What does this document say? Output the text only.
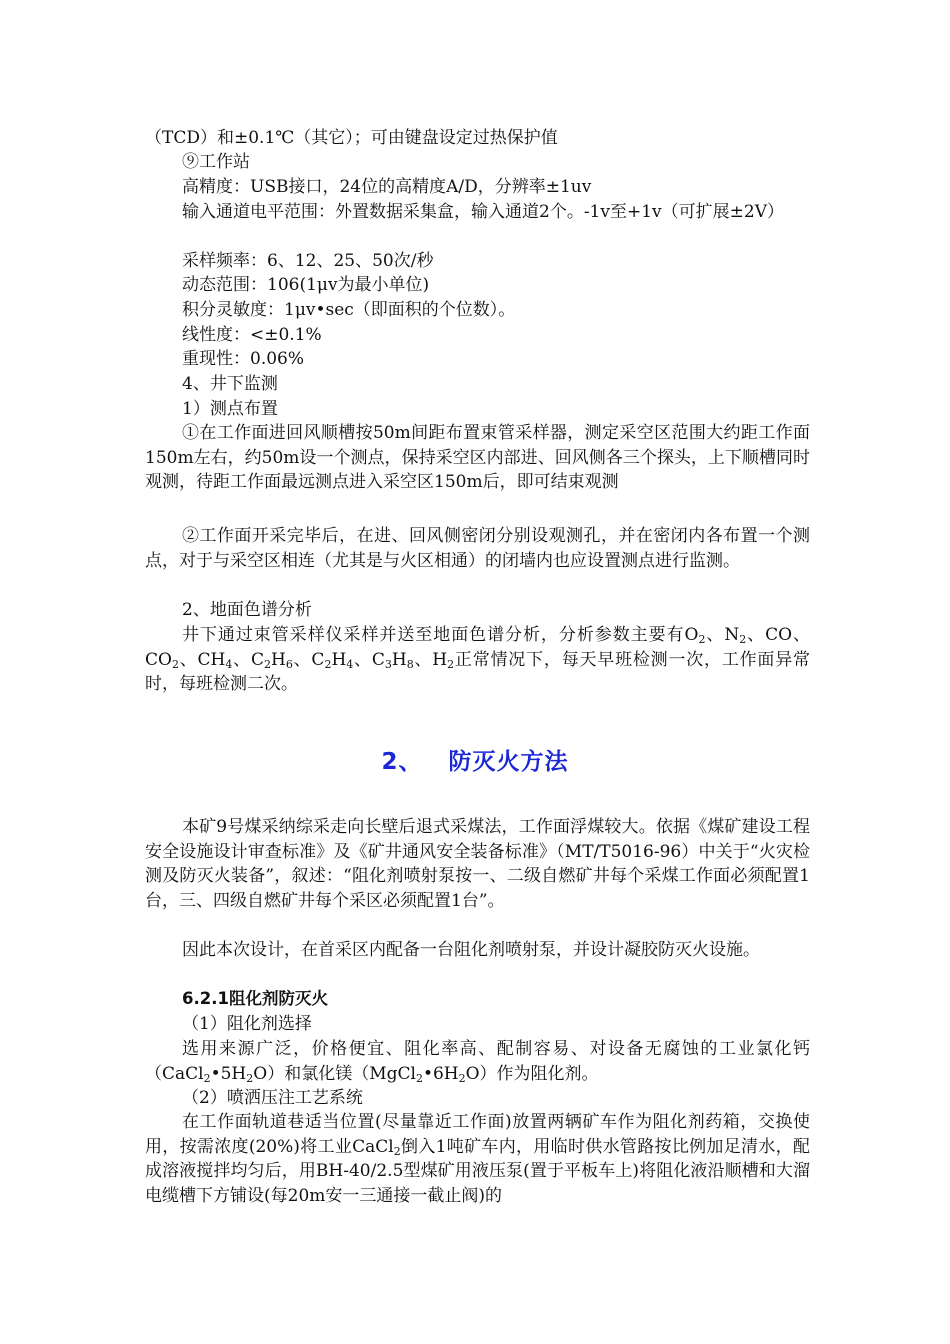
（TCD）和±0.1℃（其它）；可由键盘设定过热保护值

⑨工作站

高精度：USB接口，24位的高精度A/D，分辨率±1uv

输入通道电平范围：外置数据采集盒，输入通道2个。-1v至+1v（可扩展±2V）

采样频率：6、12、25、50次/秒

动态范围：106(1μv为最小单位)

积分灵敏度：1μv•sec（即面积的个位数）。

线性度：<±0.1%

重现性：0.06%

4、井下监测

1）测点布置

①在工作面进回风顺槽按50m间距布置束管采样器，测定采空区范围大约距工作面150m左右，约50m设一个测点，保持采空区内部进、回风侧各三个探头，上下顺槽同时观测，待距工作面最远测点进入采空区150m后，即可结束观测

②工作面开采完毕后，在进、回风侧密闭分别设观测孔，并在密闭内各布置一个测点，对于与采空区相连（尤其是与火区相通）的闭墙内也应设置测点进行监测。

2、地面色谱分析

井下通过束管采样仪采样并送至地面色谱分析，分析参数主要有$O_2$、$N_2$、CO、$CO_2$、$CH_4$、$C_2H_6$、$C_2H_4$、$C_3H_8$、$H_2$正常情况下，每天早班检测一次，工作面异常时，每班检测二次。

2、 防灭火方法

本矿9号煤采纳综采走向长壁后退式采煤法，工作面浮煤较大。依据《煤矿建设工程安全设施设计审查标准》及《矿井通风安全装备标准》（MT/T5016-96）中关于“火灾检测及防灭火装备”，叙述：“阻化剂喷射泵按一、二级自燃矿井每个采煤工作面必须配置1台，三、四级自燃矿井每个采区必须配置1台”。

因此本次设计，在首采区内配备一台阻化剂喷射泵，并设计凝胶防灭火设施。

6.2.1阻化剂防灭火

（1）阻化剂选择

选用来源广泛，价格便宜、阻化率高、配制容易、对设备无腐蚀的工业氯化钙$(CaCl_2•5H_2O)$和氯化镁$(MgCl_2•6H_2O)$作为阻化剂。

（2）喷洒压注工艺系统

在工作面轨道巷适当位置(尽量靠近工作面)放置两辆矿车作为阻化剂药箱，交换使用，按需浓度(20%)将工业CaCl$_2$倒入1吨矿车内，用临时供水管路按比例加足清水，配成溶液搅拌均匀后，用BH-40/2.5型煤矿用液压泵(置于平板车上)将阻化液沿顺槽和大溜电缆槽下方铺设(每20m安一三通接一截止阀)的
